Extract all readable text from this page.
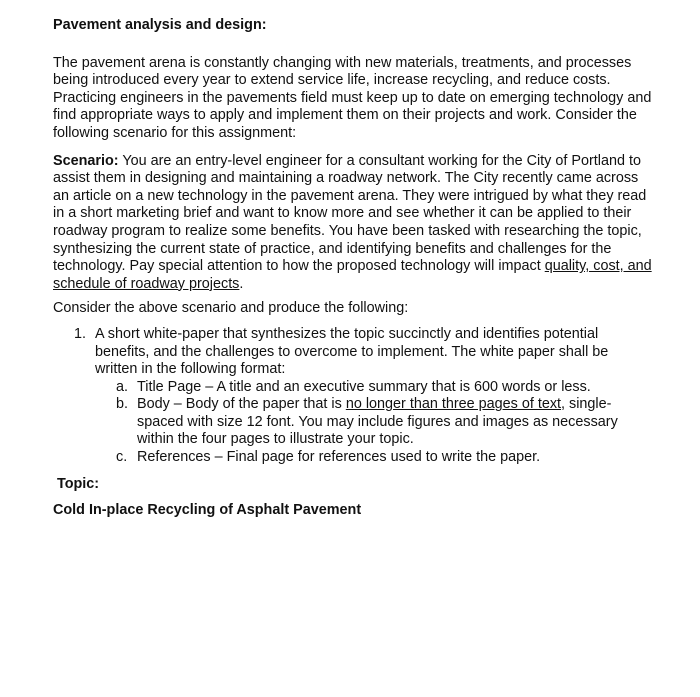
Pavement analysis and design:

The pavement arena is constantly changing with new materials, treatments, and processes being introduced every year to extend service life, increase recycling, and reduce costs. Practicing engineers in the pavements field must keep up to date on emerging technology and find appropriate ways to apply and implement them on their projects and work. Consider the following scenario for this assignment:

Scenario: You are an entry-level engineer for a consultant working for the City of Portland to assist them in designing and maintaining a roadway network. The City recently came across an article on a new technology in the pavement arena. They were intrigued by what they read in a short marketing brief and want to know more and see whether it can be applied to their roadway program to realize some benefits. You have been tasked with researching the topic, synthesizing the current state of practice, and identifying benefits and challenges for the technology. Pay special attention to how the proposed technology will impact quality, cost, and schedule of roadway projects.

Consider the above scenario and produce the following:

1. A short white-paper that synthesizes the topic succinctly and identifies potential benefits, and the challenges to overcome to implement. The white paper shall be written in the following format:
a. Title Page – A title and an executive summary that is 600 words or less.
b. Body – Body of the paper that is no longer than three pages of text, single-spaced with size 12 font. You may include figures and images as necessary within the four pages to illustrate your topic.
c. References – Final page for references used to write the paper.

Topic:

Cold In-place Recycling of Asphalt Pavement
